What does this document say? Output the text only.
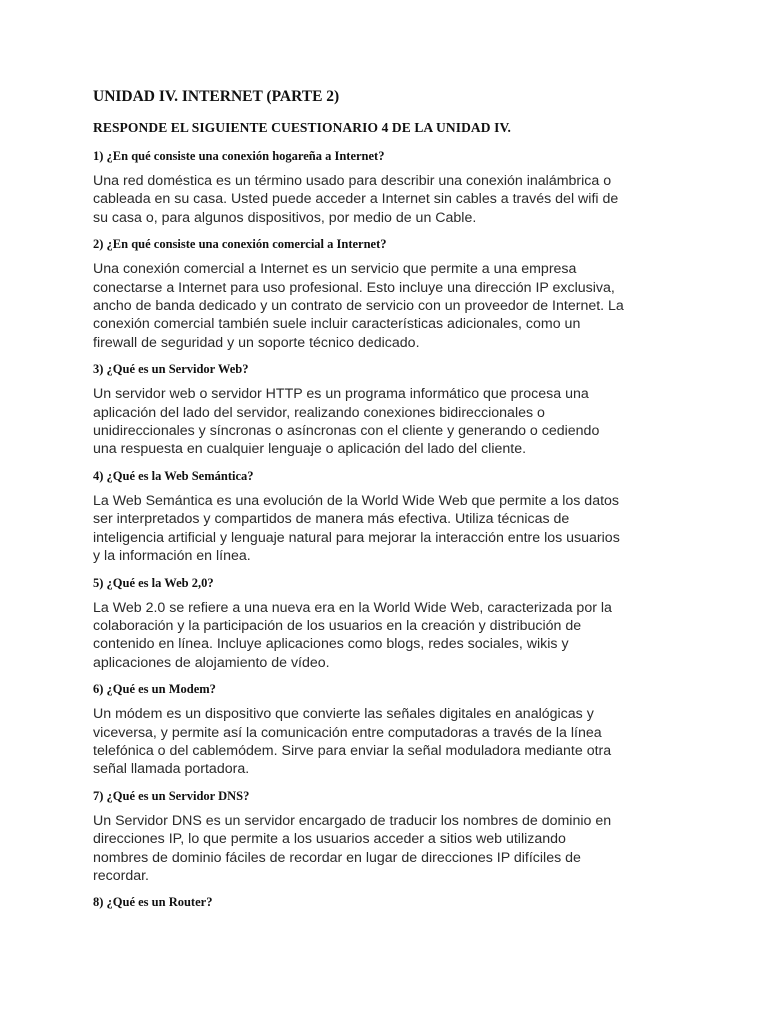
UNIDAD IV. INTERNET (PARTE 2)
RESPONDE EL SIGUIENTE CUESTIONARIO 4 DE LA UNIDAD IV.
1) ¿En qué consiste una conexión hogareña a Internet?
Una red doméstica es un término usado para describir una conexión inalámbrica o
cableada en su casa. Usted puede acceder a Internet sin cables a través del wifi de
su casa o, para algunos dispositivos, por medio de un Cable.
2) ¿En qué consiste una conexión comercial a Internet?
Una conexión comercial a Internet es un servicio que permite a una empresa
conectarse a Internet para uso profesional. Esto incluye una dirección IP exclusiva,
ancho de banda dedicado y un contrato de servicio con un proveedor de Internet. La
conexión comercial también suele incluir características adicionales, como un
firewall de seguridad y un soporte técnico dedicado.
3) ¿Qué es un Servidor Web?
Un servidor web o servidor HTTP es un programa informático que procesa una
aplicación del lado del servidor, realizando conexiones bidireccionales o
unidireccionales y síncronas o asíncronas con el cliente y generando o cediendo
una respuesta en cualquier lenguaje o aplicación del lado del cliente.
4) ¿Qué es la Web Semántica?
La Web Semántica es una evolución de la World Wide Web que permite a los datos
ser interpretados y compartidos de manera más efectiva. Utiliza técnicas de
inteligencia artificial y lenguaje natural para mejorar la interacción entre los usuarios
y la información en línea.
5) ¿Qué es la Web 2,0?
La Web 2.0 se refiere a una nueva era en la World Wide Web, caracterizada por la
colaboración y la participación de los usuarios en la creación y distribución de
contenido en línea. Incluye aplicaciones como blogs, redes sociales, wikis y
aplicaciones de alojamiento de vídeo.
6) ¿Qué es un Modem?
Un módem es un dispositivo que convierte las señales digitales en analógicas y
viceversa, y permite así la comunicación entre computadoras a través de la línea
telefónica o del cablemódem. Sirve para enviar la señal moduladora mediante otra
señal llamada portadora.
7) ¿Qué es un Servidor DNS?
Un Servidor DNS es un servidor encargado de traducir los nombres de dominio en
direcciones IP, lo que permite a los usuarios acceder a sitios web utilizando
nombres de dominio fáciles de recordar en lugar de direcciones IP difíciles de
recordar.
8) ¿Qué es un Router?
